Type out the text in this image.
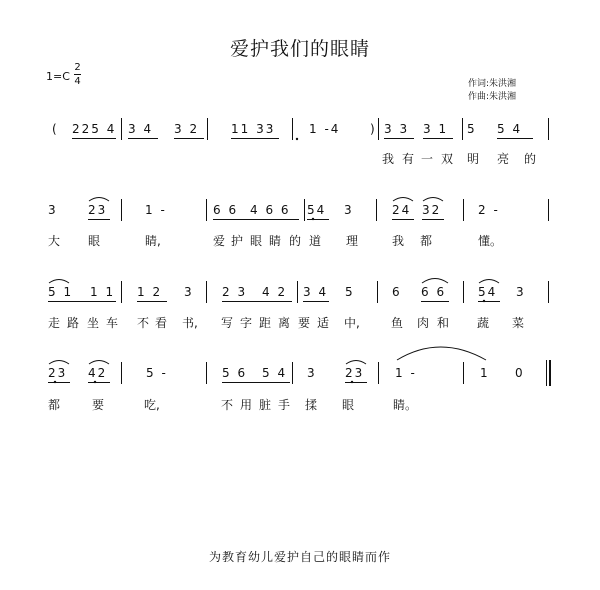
爱护我们的眼睛
1=C
2
4	作词:朱洪湘
作曲:朱洪湘
( 225 4 3 4 3 2	11 33	1 -4 ) 3 3 3 1 5 5 4
我 有 一 双 明 亮 的
3	23	1 -	6 6 4 6 6 54 3	24 32	2 -
大 眼	睛,	爱 护 眼 睛 的 道 理	我 都	懂。
5 1 1 1 1 2 3 2 3 4 2 3 4 5	6 6 6	54 3
走 路 坐 车 不 看 书, 写 字 距 离 要 适 中,	鱼 肉 和 蔬 菜
23 42	5 -	5 6 5 4 3 23	1 -	1 0
都	要	吃,	不 用 脏 手 揉 眼	睛。
为教育幼儿爱护自己的眼睛而作
